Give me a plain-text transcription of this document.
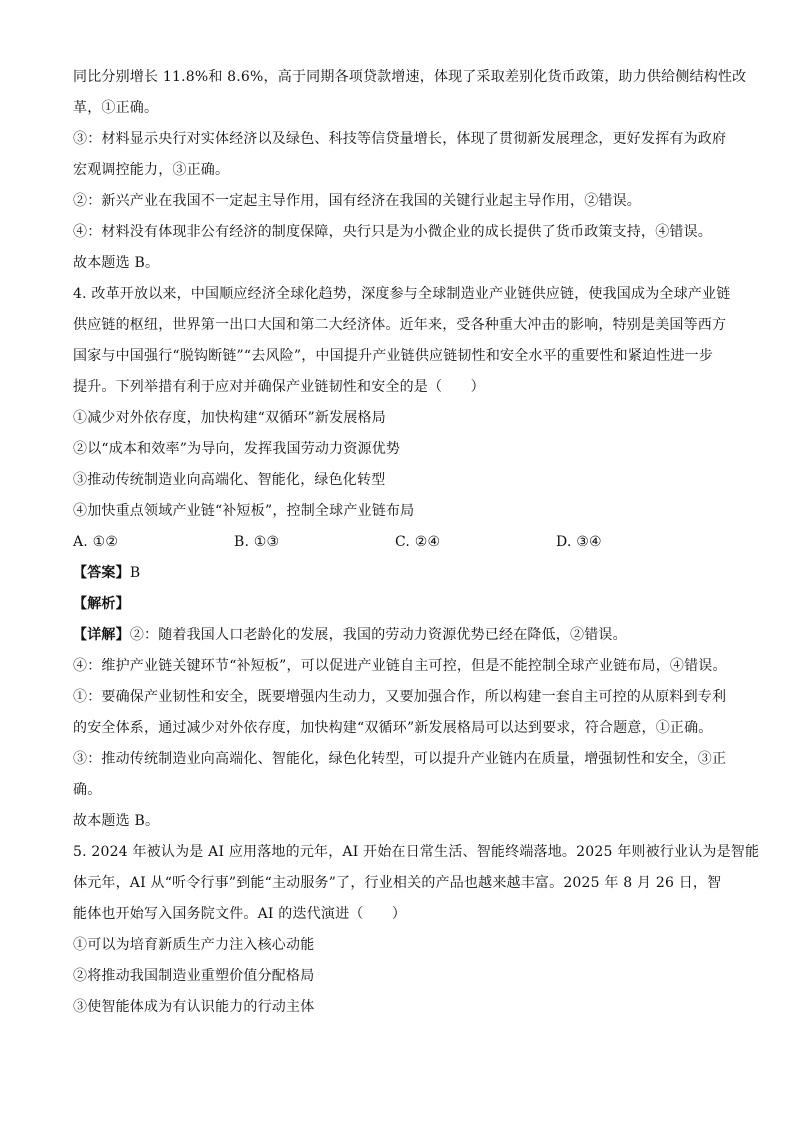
同比分别增长 11.8%和 8.6%，高于同期各项贷款增速，体现了采取差别化货币政策，助力供给侧结构性改
革，①正确。
③：材料显示央行对实体经济以及绿色、科技等信贷量增长，体现了贯彻新发展理念，更好发挥有为政府
宏观调控能力，③正确。
②：新兴产业在我国不一定起主导作用，国有经济在我国的关键行业起主导作用，②错误。
④：材料没有体现非公有经济的制度保障，央行只是为小微企业的成长提供了货币政策支持，④错误。
故本题选 B。
4. 改革开放以来，中国顺应经济全球化趋势，深度参与全球制造业产业链供应链，使我国成为全球产业链
供应链的枢纽，世界第一出口大国和第二大经济体。近年来，受各种重大冲击的影响，特别是美国等西方
国家与中国强行“脱钩断链”“去风险”，中国提升产业链供应链韧性和安全水平的重要性和紧迫性进一步
提升。下列举措有利于应对并确保产业链韧性和安全的是（　　）
①减少对外依存度，加快构建“双循环”新发展格局
②以“成本和效率”为导向，发挥我国劳动力资源优势
③推动传统制造业向高端化、智能化，绿色化转型
④加快重点领域产业链“补短板”，控制全球产业链布局
A. ①②	B. ①③	C. ②④	D. ③④
【答案】B
【解析】
【详解】②：随着我国人口老龄化的发展，我国的劳动力资源优势已经在降低，②错误。
④：维护产业链关键环节“补短板”，可以促进产业链自主可控，但是不能控制全球产业链布局，④错误。
①：要确保产业韧性和安全，既要增强内生动力，又要加强合作，所以构建一套自主可控的从原料到专利
的安全体系，通过减少对外依存度，加快构建“双循环”新发展格局可以达到要求，符合题意，①正确。
③：推动传统制造业向高端化、智能化，绿色化转型，可以提升产业链内在质量，增强韧性和安全，③正
确。
故本题选 B。
5. 2024 年被认为是 AI 应用落地的元年，AI 开始在日常生活、智能终端落地。2025 年则被行业认为是智能
体元年，AI 从“听令行事”到能“主动服务”了，行业相关的产品也越来越丰富。2025 年 8 月 26 日，智
能体也开始写入国务院文件。AI 的迭代演进（　　）
①可以为培育新质生产力注入核心动能
②将推动我国制造业重塑价值分配格局
③使智能体成为有认识能力的行动主体
